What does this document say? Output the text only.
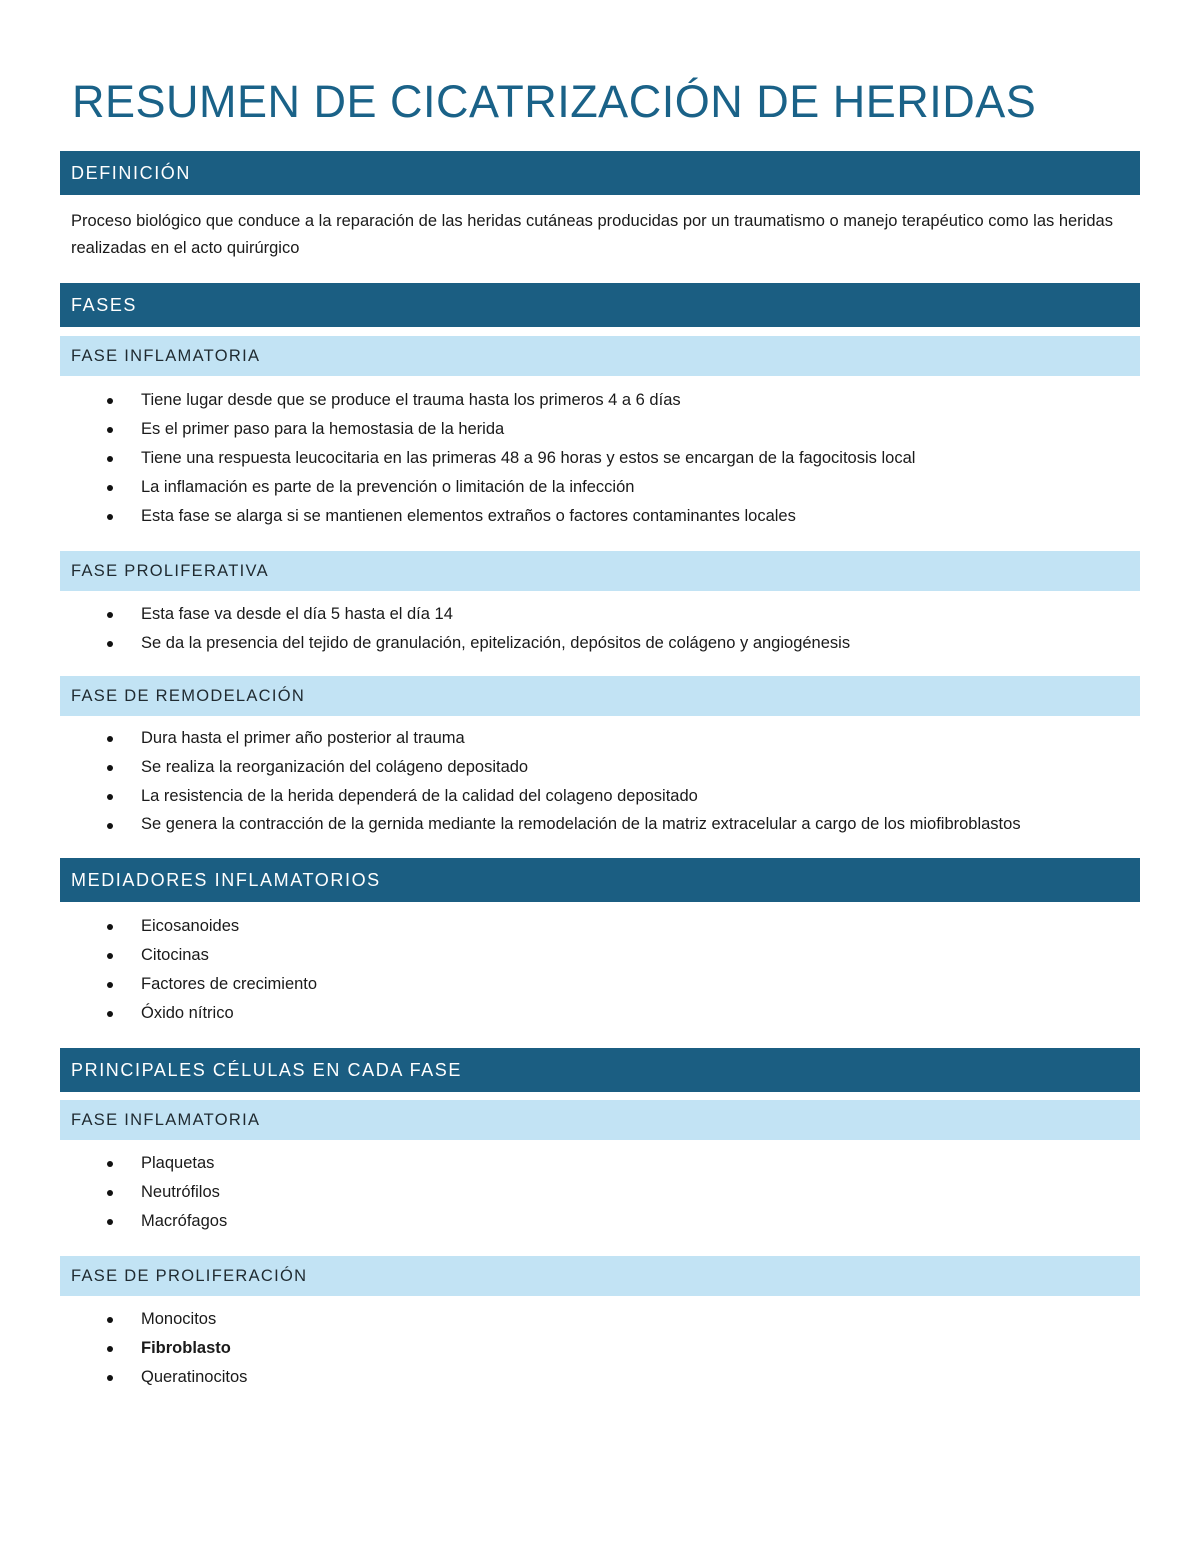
RESUMEN DE CICATRIZACIÓN DE HERIDAS
DEFINICIÓN

Proceso biológico que conduce a la reparación de las heridas cutáneas producidas por un traumatismo o manejo terapéutico como las heridas realizadas en el acto quirúrgico

FASES
FASE INFLAMATORIA
Tiene lugar desde que se produce el trauma hasta los primeros 4 a 6 días
Es el primer paso para la hemostasia de la herida
Tiene una respuesta leucocitaria en las primeras 48 a 96 horas y estos se encargan de la fagocitosis local
La inflamación es parte de la prevención o limitación de la infección
Esta fase se alarga si se mantienen elementos extraños o factores contaminantes locales
FASE PROLIFERATIVA
Esta fase va desde el día 5 hasta el día 14
Se da la presencia del tejido de granulación, epitelización, depósitos de colágeno y angiogénesis
FASE DE REMODELACIÓN
Dura hasta el primer año posterior al trauma
Se realiza la reorganización del colágeno depositado
La resistencia de la herida dependerá de la calidad del colageno depositado
Se genera la contracción de la gernida mediante la remodelación de la matriz extracelular a cargo de los miofibroblastos
MEDIADORES INFLAMATORIOS
Eicosanoides
Citocinas
Factores de crecimiento
Óxido nítrico
PRINCIPALES CÉLULAS EN CADA FASE
FASE INFLAMATORIA
Plaquetas
Neutrófilos
Macrófagos
FASE DE PROLIFERACIÓN
Monocitos
Fibroblasto
Queratinocitos
